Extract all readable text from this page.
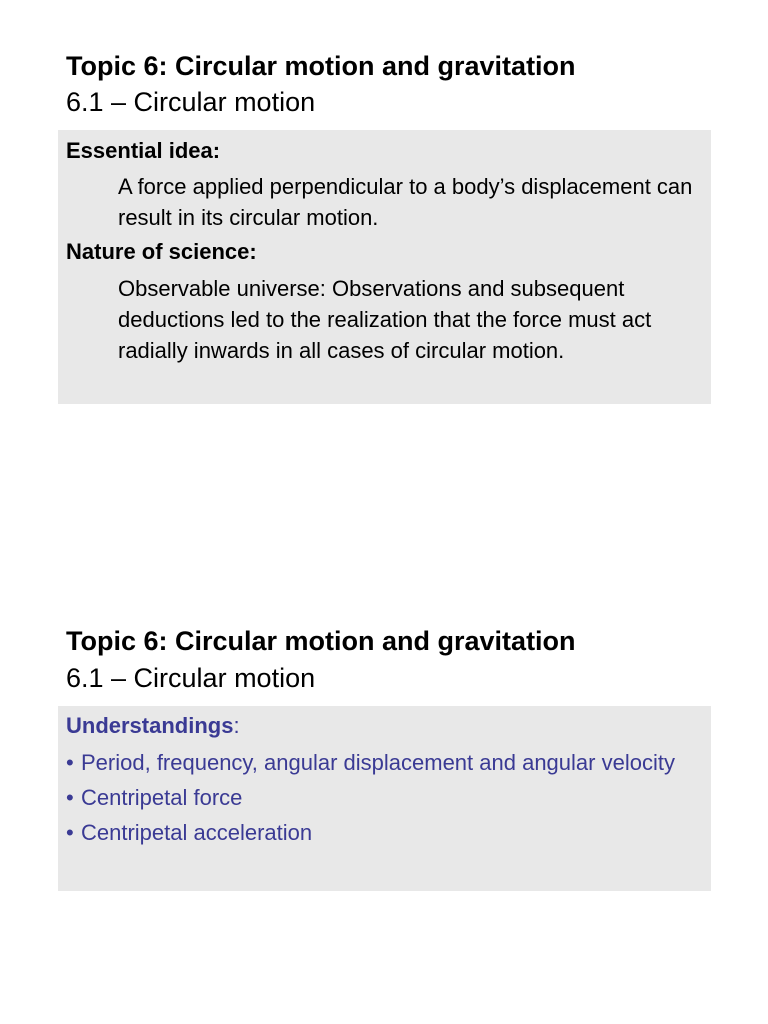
Topic 6: Circular motion and gravitation
6.1 – Circular motion
Essential idea:
A force applied perpendicular to a body’s displacement can result in its circular motion.
Nature of science:
Observable universe: Observations and subsequent deductions led to the realization that the force must act radially inwards in all cases of circular motion.
Topic 6: Circular motion and gravitation
6.1 – Circular motion
Understandings:
• Period, frequency, angular displacement and angular velocity
• Centripetal force
• Centripetal acceleration
